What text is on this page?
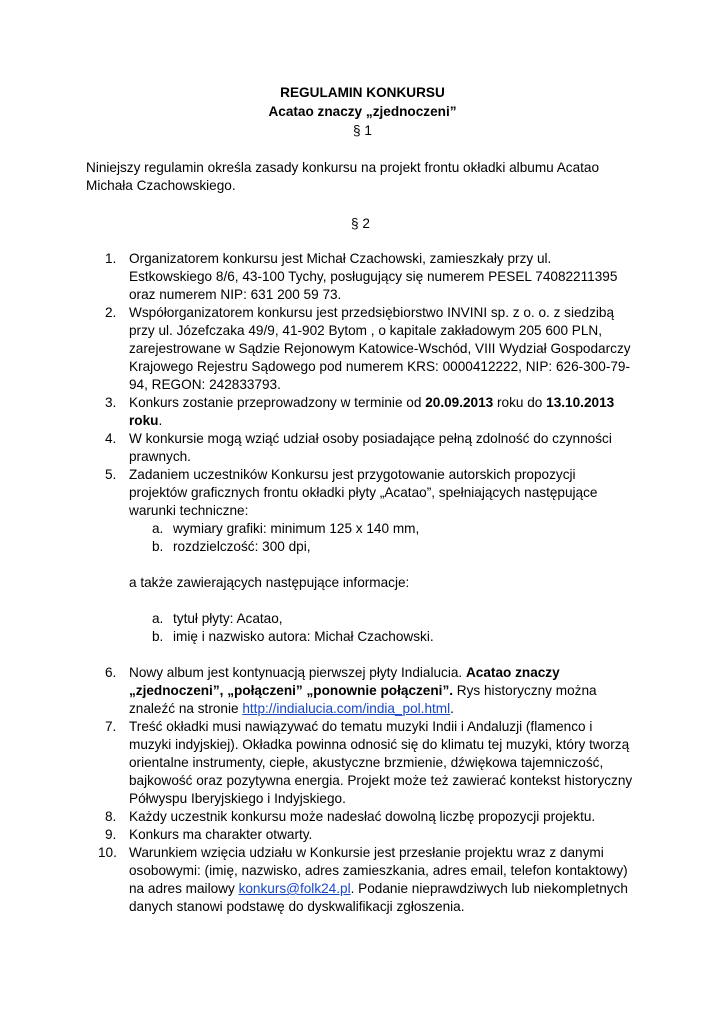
REGULAMIN KONKURSU
Acatao znaczy „zjednoczeni”
§ 1

Niniejszy regulamin określa zasady konkursu na projekt frontu okładki albumu Acatao Michała Czachowskiego.

§ 2
1. Organizatorem konkursu jest Michał Czachowski, zamieszkały przy ul. Estkowskiego 8/6, 43-100 Tychy, posługujący się numerem PESEL 74082211395 oraz numerem NIP: 631 200 59 73.
2. Współorganizatorem konkursu jest przedsiębiorstwo INVINI sp. z o. o. z siedzibą przy ul. Józefczaka 49/9, 41-902 Bytom , o kapitale zakładowym 205 600 PLN, zarejestrowane w Sądzie Rejonowym Katowice-Wschód, VIII Wydział Gospodarczy Krajowego Rejestru Sądowego pod numerem KRS: 0000412222, NIP: 626-300-79-94, REGON: 242833793.
3. Konkurs zostanie przeprowadzony w terminie od 20.09.2013 roku do 13.10.2013 roku.
4. W konkursie mogą wziąć udział osoby posiadające pełną zdolność do czynności prawnych.
5. Zadaniem uczestników Konkursu jest przygotowanie autorskich propozycji projektów graficznych frontu okładki płyty „Acatao”, spełniających następujące warunki techniczne:
a. wymiary grafiki: minimum 125 x 140 mm,
b. rozdzielczość: 300 dpi,
a także zawierających następujące informacje:
a. tytuł płyty: Acatao,
b. imię i nazwisko autora: Michał Czachowski.
6. Nowy album jest kontynuacją pierwszej płyty Indialucia. Acatao znaczy „zjednoczeni”, „połączeni” „ponownie połączeni”. Rys historyczny można znaleźć na stronie http://indialucia.com/india_pol.html.
7. Treść okładki musi nawiązywać do tematu muzyki Indii i Andaluzji (flamenco i muzyki indyjskiej). Okładka powinna odnosić się do klimatu tej muzyki, który tworzą orientalne instrumenty, ciepłe, akustyczne brzmienie, dźwiękowa tajemniczość, bajkowość oraz pozytywna energia. Projekt może też zawierać kontekst historyczny Półwyspu Iberyjskiego i Indyjskiego.
8. Każdy uczestnik konkursu może nadesłać dowolną liczbę propozycji projektu.
9. Konkurs ma charakter otwarty.
10. Warunkiem wzięcia udziału w Konkursie jest przesłanie projektu wraz z danymi osobowymi: (imię, nazwisko, adres zamieszkania, adres email, telefon kontaktowy) na adres mailowy konkurs@folk24.pl. Podanie nieprawdziwych lub niekompletnych danych stanowi podstawę do dyskwalifikacji zgłoszenia.
